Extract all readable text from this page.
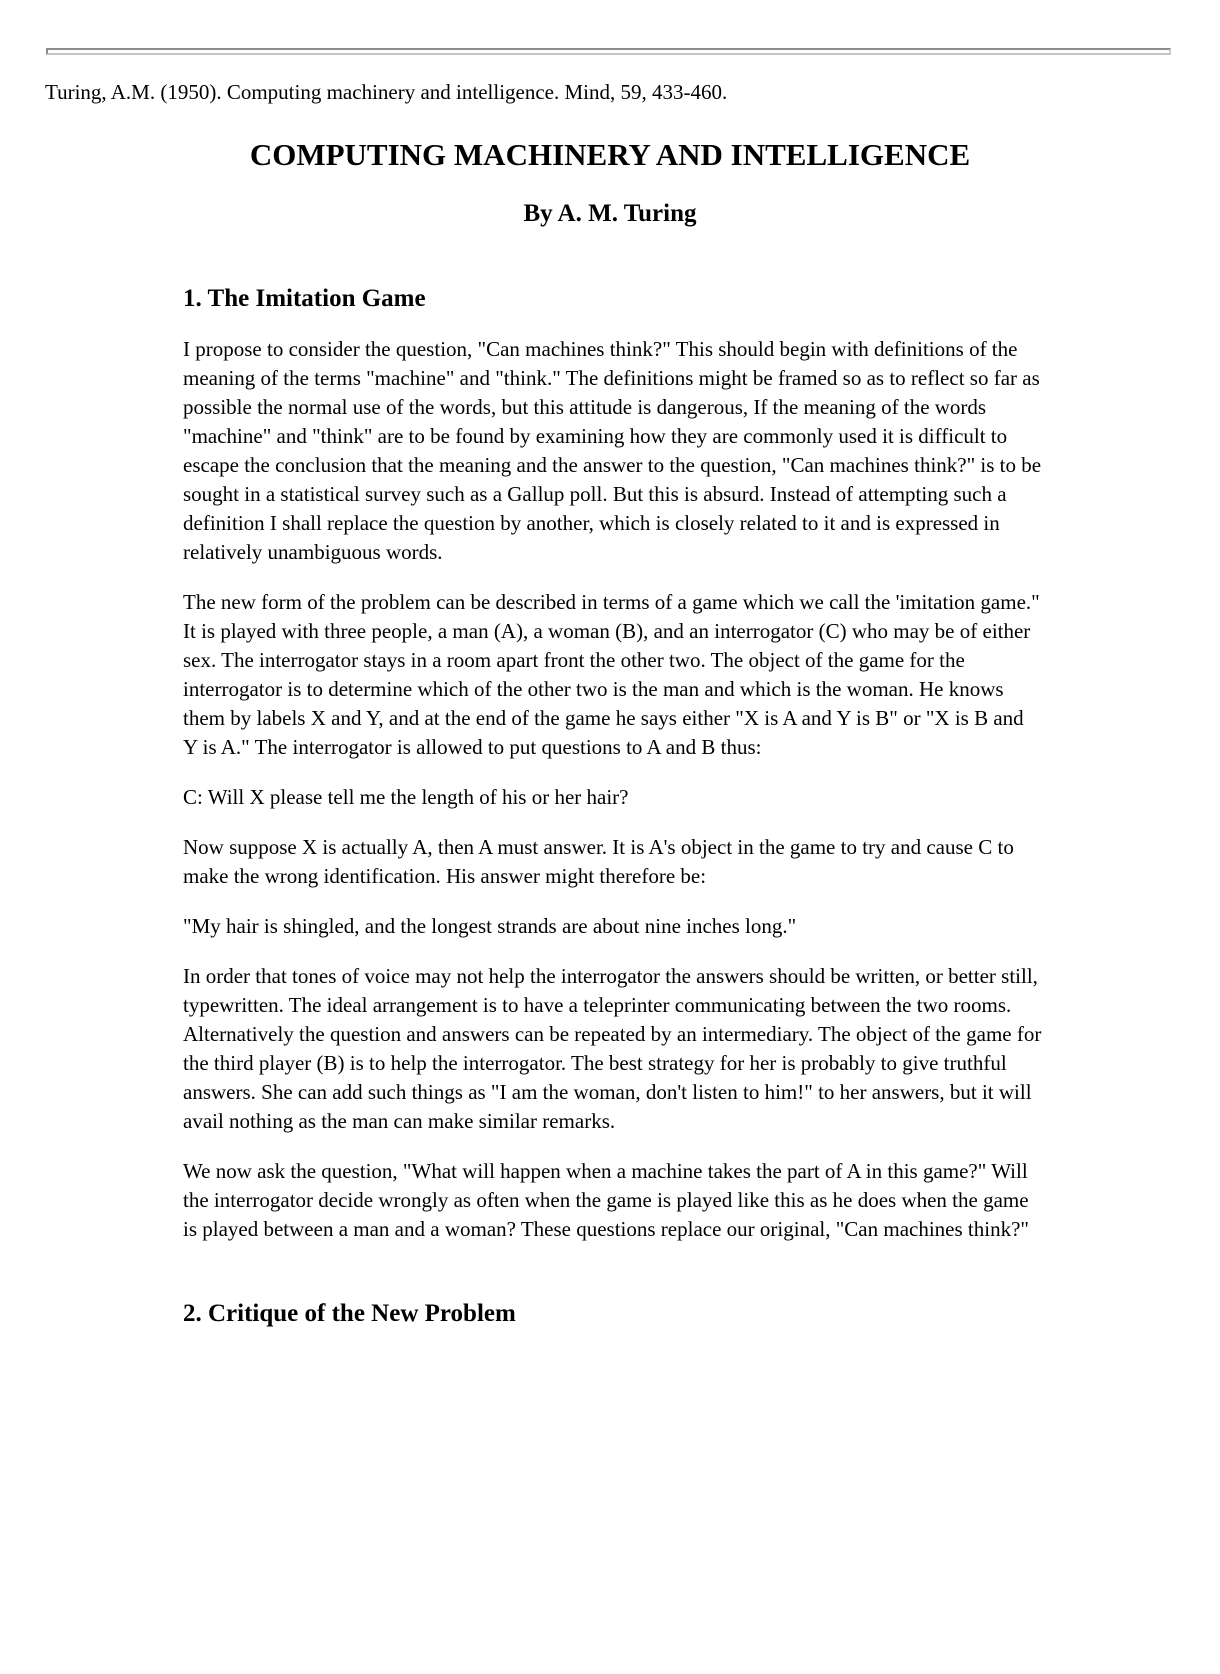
Turing, A.M. (1950). Computing machinery and intelligence. Mind, 59, 433-460.

COMPUTING MACHINERY AND INTELLIGENCE
By A. M. Turing

1. The Imitation Game

I propose to consider the question, "Can machines think?" This should begin with definitions of the meaning of the terms "machine" and "think." The definitions might be framed so as to reflect so far as possible the normal use of the words, but this attitude is dangerous, If the meaning of the words "machine" and "think" are to be found by examining how they are commonly used it is difficult to escape the conclusion that the meaning and the answer to the question, "Can machines think?" is to be sought in a statistical survey such as a Gallup poll. But this is absurd. Instead of attempting such a definition I shall replace the question by another, which is closely related to it and is expressed in relatively unambiguous words.

The new form of the problem can be described in terms of a game which we call the 'imitation game." It is played with three people, a man (A), a woman (B), and an interrogator (C) who may be of either sex. The interrogator stays in a room apart front the other two. The object of the game for the interrogator is to determine which of the other two is the man and which is the woman. He knows them by labels X and Y, and at the end of the game he says either "X is A and Y is B" or "X is B and Y is A." The interrogator is allowed to put questions to A and B thus:

C: Will X please tell me the length of his or her hair?

Now suppose X is actually A, then A must answer. It is A's object in the game to try and cause C to make the wrong identification. His answer might therefore be:

"My hair is shingled, and the longest strands are about nine inches long."

In order that tones of voice may not help the interrogator the answers should be written, or better still, typewritten. The ideal arrangement is to have a teleprinter communicating between the two rooms. Alternatively the question and answers can be repeated by an intermediary. The object of the game for the third player (B) is to help the interrogator. The best strategy for her is probably to give truthful answers. She can add such things as "I am the woman, don't listen to him!" to her answers, but it will avail nothing as the man can make similar remarks.

We now ask the question, "What will happen when a machine takes the part of A in this game?" Will the interrogator decide wrongly as often when the game is played like this as he does when the game is played between a man and a woman? These questions replace our original, "Can machines think?"

2. Critique of the New Problem
